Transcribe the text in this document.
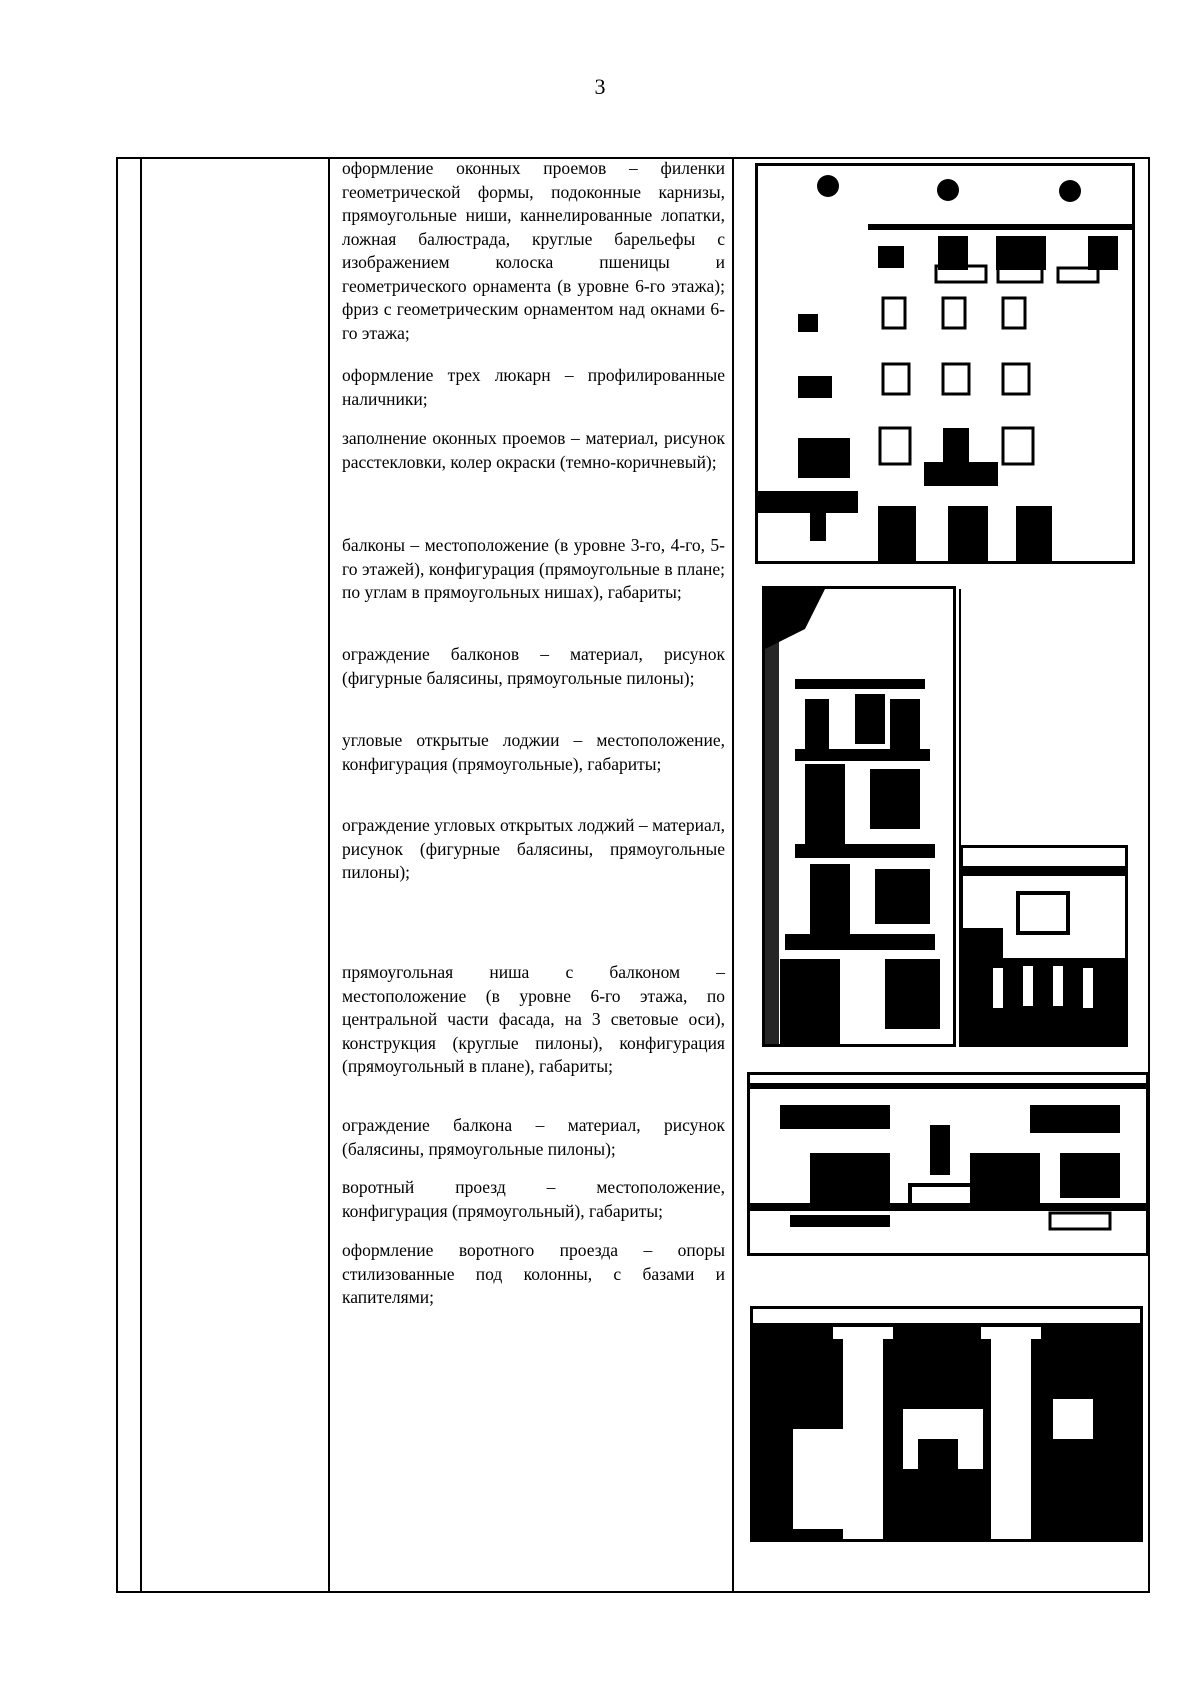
3

оформление оконных проемов – филенки геометрической формы, подоконные карнизы, прямоугольные ниши, каннелированные лопатки, ложная балюстрада, круглые барельефы с изображением колоска пшеницы и геометрического орнамента (в уровне 6-го этажа); фриз с геометрическим орнаментом над окнами 6-го этажа;

оформление трех люкарн – профилированные наличники;

заполнение оконных проемов – материал, рисунок расстекловки, колер окраски (темно-коричневый);

балконы – местоположение (в уровне 3-го, 4-го, 5-го этажей), конфигурация (прямоугольные в плане; по углам в прямоугольных нишах), габариты;

ограждение балконов – материал, рисунок (фигурные балясины, прямоугольные пилоны);

угловые открытые лоджии – местоположение, конфигурация (прямоугольные), габариты;

ограждение угловых открытых лоджий – материал, рисунок (фигурные балясины, прямоугольные пилоны);

прямоугольная ниша с балконом – местоположение (в уровне 6-го этажа, по центральной части фасада, на 3 световые оси), конструкция (круглые пилоны), конфигурация (прямоугольный в плане), габариты;

ограждение балкона – материал, рисунок (балясины, прямоугольные пилоны);

воротный проезд – местоположение, конфигурация (прямоугольный), габариты;

оформление воротного проезда – опоры стилизованные под колонны, с базами и капителями;
